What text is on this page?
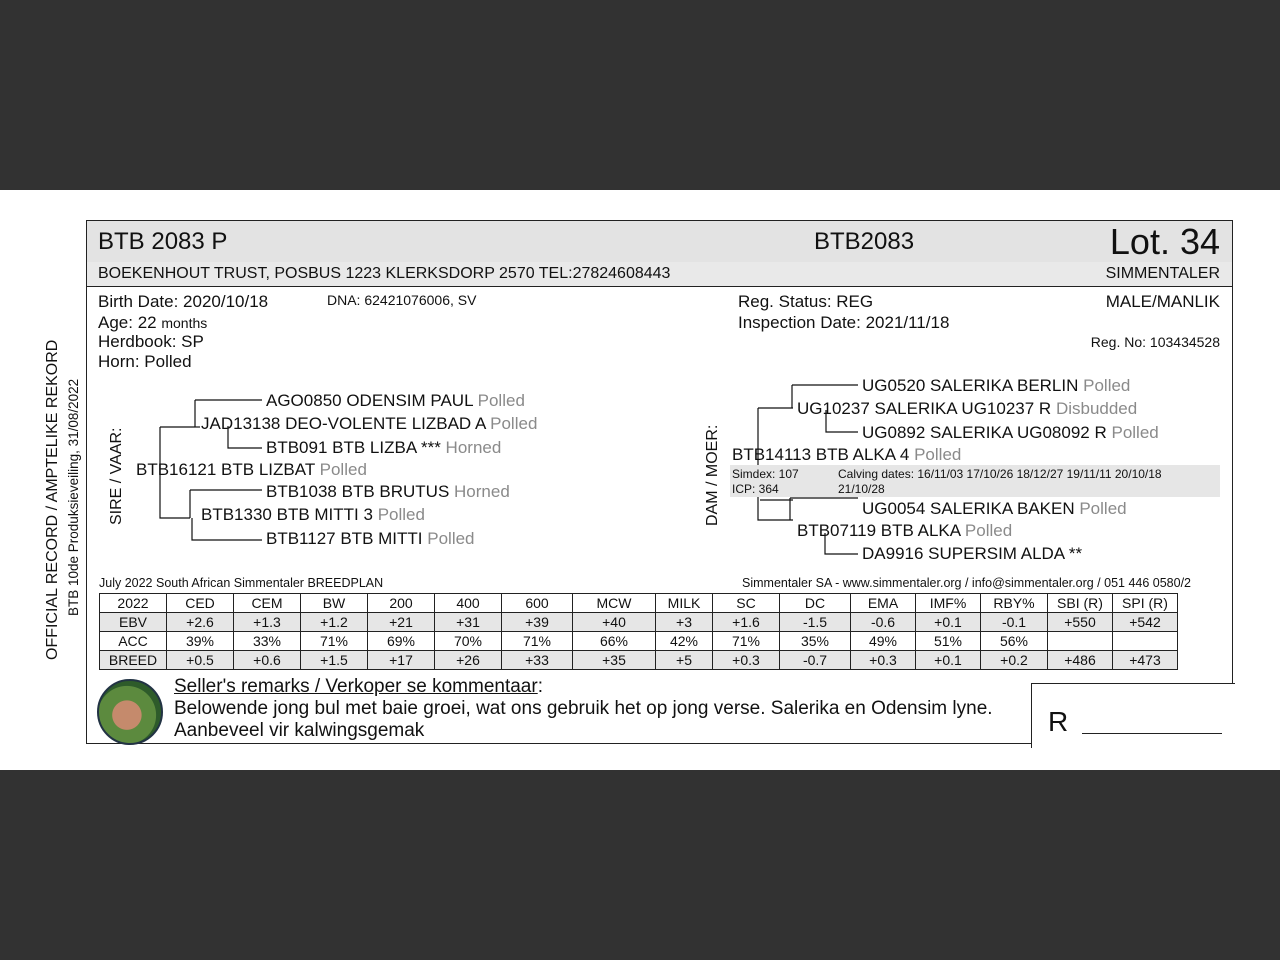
OFFICIAL RECORD / AMPTELIKE REKORD BTB 10de Produksieveiling, 31/08/2022
BTB 2083 P	BTB2083	Lot. 34
BOEKENHOUT TRUST, POSBUS 1223 KLERKSDORP 2570 TEL:27824608443	SIMMENTALER
Birth Date: 2020/10/18	DNA: 62421076006, SV
Age: 22 months
Herdbook: SP
Horn: Polled
Reg. Status: REG
Inspection Date: 2021/11/18
MALE/MANLIK
Reg. No: 103434528
SIRE / VAAR: BTB16121 BTB LIZBAT Polled
JAD13138 DEO-VOLENTE LIZBAD A Polled
AGO0850 ODENSIM PAUL Polled
BTB091 BTB LIZBA *** Horned
BTB1330 BTB MITTI 3 Polled
BTB1038 BTB BRUTUS Horned
BTB1127 BTB MITTI Polled
DAM / MOER: BTB14113 BTB ALKA 4 Polled
UG10237 SALERIKA UG10237 R Disbudded
UG0520 SALERIKA BERLIN Polled
UG0892 SALERIKA UG08092 R Polled
Simdex: 107
ICP: 364
Calving dates: 16/11/03 17/10/26 18/12/27 19/11/11 20/10/18
21/10/28
BTB07119 BTB ALKA Polled
UG0054 SALERIKA BAKEN Polled
DA9916 SUPERSIM ALDA **
July 2022 South African Simmentaler BREEDPLAN	Simmentaler SA - www.simmentaler.org / info@simmentaler.org / 051 446 0580/2
2022	CED	CEM	BW	200	400	600	MCW	MILK	SC	DC	EMA	IMF%	RBY%	SBI (R)	SPI (R)
EBV	+2.6	+1.3	+1.2	+21	+31	+39	+40	+3	+1.6	-1.5	-0.6	+0.1	-0.1	+550	+542
ACC	39%	33%	71%	69%	70%	71%	66%	42%	71%	35%	49%	51%	56%		
BREED	+0.5	+0.6	+1.5	+17	+26	+33	+35	+5	+0.3	-0.7	+0.3	+0.1	+0.2	+486	+473
Seller's remarks / Verkoper se kommentaar:
Belowende jong bul met baie groei, wat ons gebruik het op jong verse. Salerika en Odensim lyne.
Aanbeveel vir kalwingsgemak	R
